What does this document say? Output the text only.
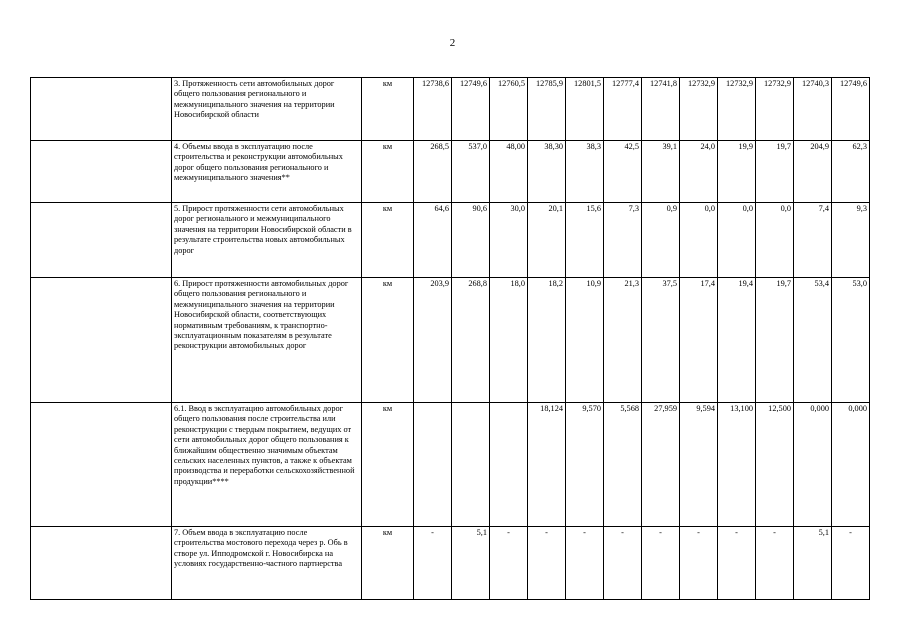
2
	3. Протяженность сети автомобильных дорог общего пользования регионального и межмуниципального значения на территории Новосибирской области	км	12738,6	12749,6	12760,5	12785,9	12801,5	12777,4	12741,8	12732,9	12732,9	12732,9	12740,3	12749,6
	4. Объемы ввода в эксплуатацию после строительства и реконструкции автомобильных дорог общего пользования регионального и межмуниципального значения**	км	268,5	537,0	48,00	38,30	38,3	42,5	39,1	24,0	19,9	19,7	204,9	62,3
	5. Прирост протяженности сети автомобильных дорог регионального и межмуниципального значения на территории Новосибирской области в результате строительства новых автомобильных дорог	км	64,6	90,6	30,0	20,1	15,6	7,3	0,9	0,0	0,0	0,0	7,4	9,3
	6. Прирост протяженности автомобильных дорог общего пользования регионального и межмуниципального значения на территории Новосибирской области, соответствующих нормативным требованиям, к транспортно-эксплуатационным показателям в результате реконструкции автомобильных дорог	км	203,9	268,8	18,0	18,2	10,9	21,3	37,5	17,4	19,4	19,7	53,4	53,0
	6.1. Ввод в эксплуатацию автомобильных дорог общего пользования после строительства или реконструкции с твердым покрытием, ведущих от сети автомобильных дорог общего пользования к ближайшим общественно значимым объектам сельских населенных пунктов, а также к объектам производства и переработки сельскохозяйственной продукции****	км				18,124	9,570	5,568	27,959	9,594	13,100	12,500	0,000	0,000
	7. Объем ввода в эксплуатацию после строительства мостового перехода через р. Обь в створе ул. Ипподромской г. Новосибирска на условиях государственно-частного партнерства	км	-	5,1	-	-	-	-	-	-	-	-	5,1	-
